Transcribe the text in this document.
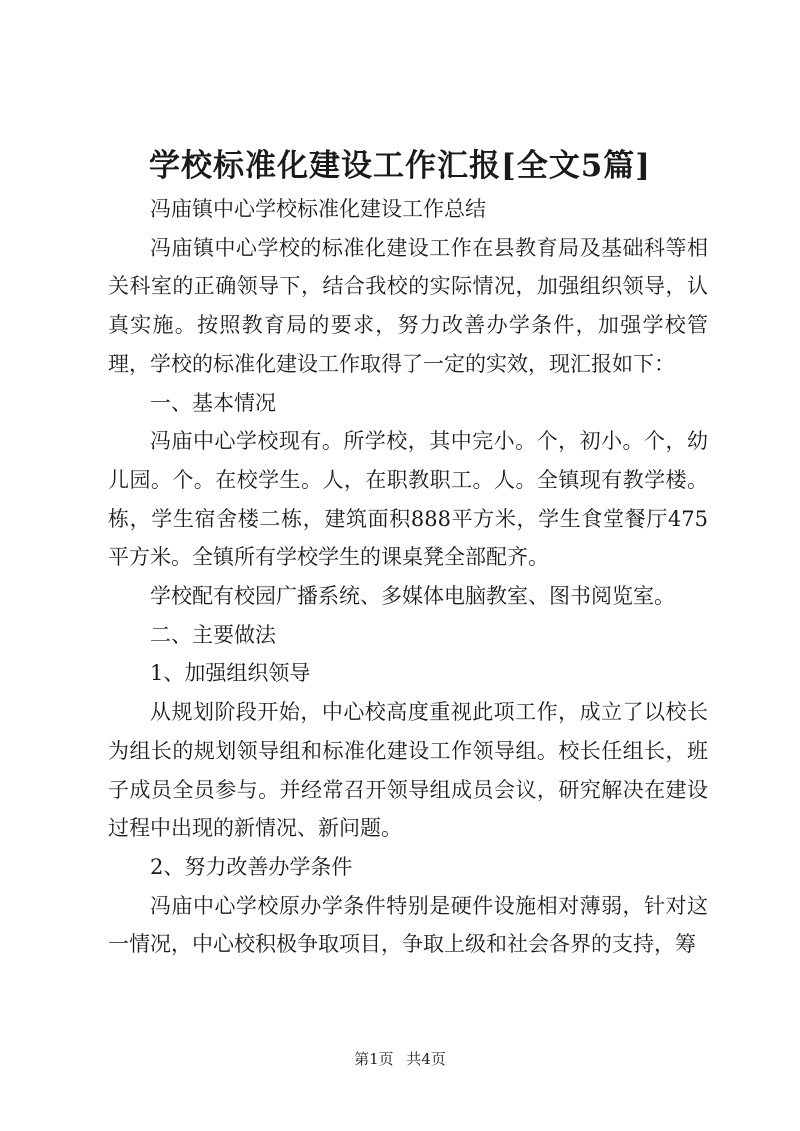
学校标准化建设工作汇报[全文5篇]

冯庙镇中心学校标准化建设工作总结

冯庙镇中心学校的标准化建设工作在县教育局及基础科等相关科室的正确领导下，结合我校的实际情况，加强组织领导，认真实施。按照教育局的要求，努力改善办学条件，加强学校管理，学校的标准化建设工作取得了一定的实效，现汇报如下：

一、基本情况

冯庙中心学校现有。所学校，其中完小。个，初小。个，幼儿园。个。在校学生。人，在职教职工。人。全镇现有教学楼。栋，学生宿舍楼二栋，建筑面积888平方米，学生食堂餐厅475平方米。全镇所有学校学生的课桌凳全部配齐。

学校配有校园广播系统、多媒体电脑教室、图书阅览室。

二、主要做法

1、加强组织领导

从规划阶段开始，中心校高度重视此项工作，成立了以校长为组长的规划领导组和标准化建设工作领导组。校长任组长，班子成员全员参与。并经常召开领导组成员会议，研究解决在建设过程中出现的新情况、新问题。

2、努力改善办学条件

冯庙中心学校原办学条件特别是硬件设施相对薄弱，针对这一情况，中心校积极争取项目，争取上级和社会各界的支持，筹

第1页 共4页
